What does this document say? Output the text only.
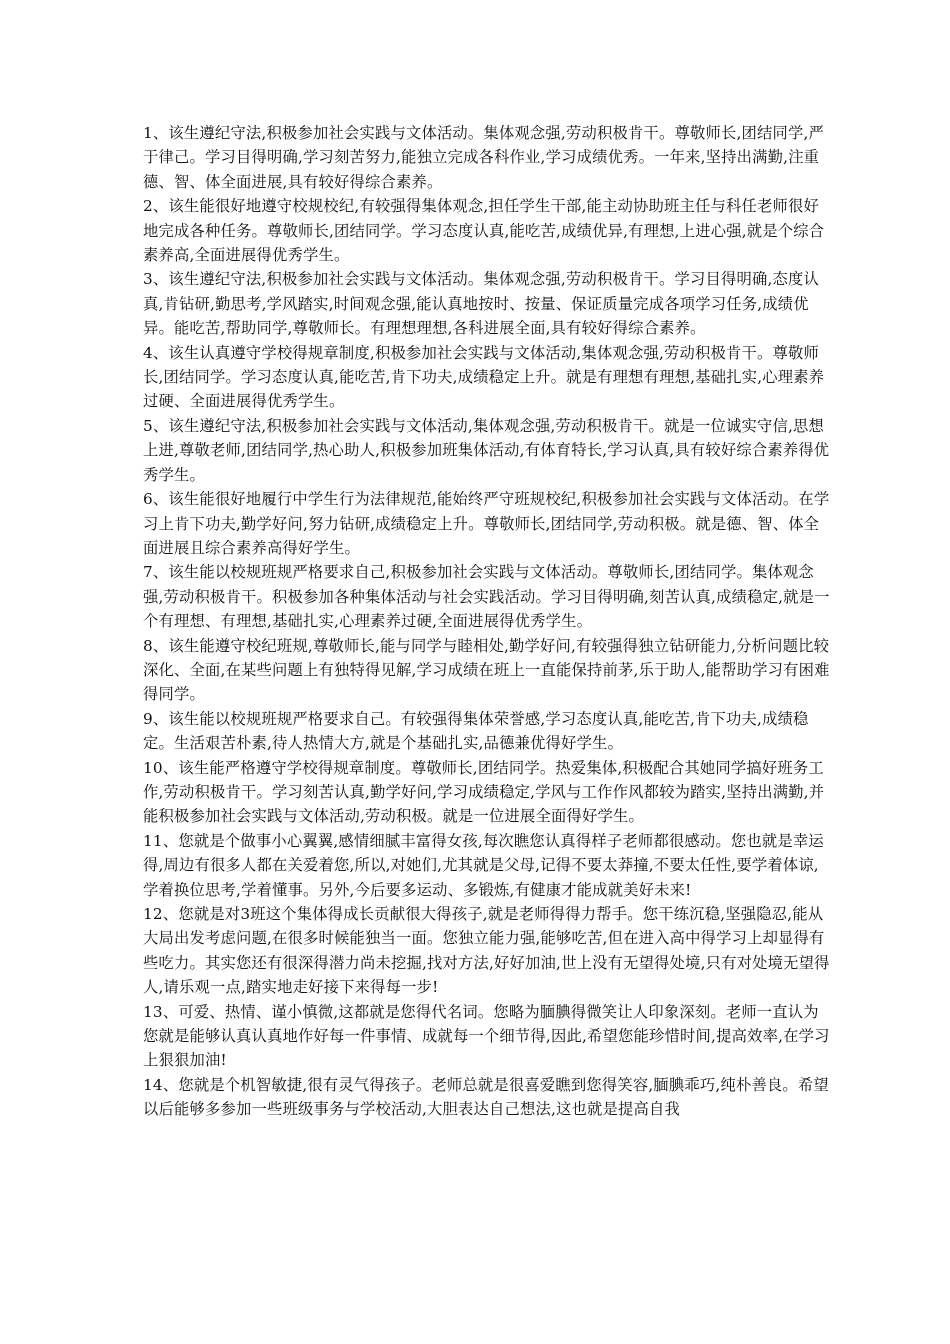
1、该生遵纪守法,积极参加社会实践与文体活动。集体观念强,劳动积极肯干。尊敬师长,团结同学,严于律己。学习目得明确,学习刻苦努力,能独立完成各科作业,学习成绩优秀。一年来,坚持出满勤,注重德、智、体全面进展,具有较好得综合素养。

2、该生能很好地遵守校规校纪,有较强得集体观念,担任学生干部,能主动协助班主任与科任老师很好地完成各种任务。尊敬师长,团结同学。学习态度认真,能吃苦,成绩优异,有理想,上进心强,就是个综合素养高,全面进展得优秀学生。

3、该生遵纪守法,积极参加社会实践与文体活动。集体观念强,劳动积极肯干。学习目得明确,态度认真,肯钻研,勤思考,学风踏实,时间观念强,能认真地按时、按量、保证质量完成各项学习任务,成绩优异。能吃苦,帮助同学,尊敬师长。有理想理想,各科进展全面,具有较好得综合素养。

4、该生认真遵守学校得规章制度,积极参加社会实践与文体活动,集体观念强,劳动积极肯干。尊敬师长,团结同学。学习态度认真,能吃苦,肯下功夫,成绩稳定上升。就是有理想有理想,基础扎实,心理素养过硬、全面进展得优秀学生。

5、该生遵纪守法,积极参加社会实践与文体活动,集体观念强,劳动积极肯干。就是一位诚实守信,思想上进,尊敬老师,团结同学,热心助人,积极参加班集体活动,有体育特长,学习认真,具有较好综合素养得优秀学生。

6、该生能很好地履行中学生行为法律规范,能始终严守班规校纪,积极参加社会实践与文体活动。在学习上肯下功夫,勤学好问,努力钻研,成绩稳定上升。尊敬师长,团结同学,劳动积极。就是德、智、体全面进展且综合素养高得好学生。

7、该生能以校规班规严格要求自己,积极参加社会实践与文体活动。尊敬师长,团结同学。集体观念强,劳动积极肯干。积极参加各种集体活动与社会实践活动。学习目得明确,刻苦认真,成绩稳定,就是一个有理想、有理想,基础扎实,心理素养过硬,全面进展得优秀学生。

8、该生能遵守校纪班规,尊敬师长,能与同学与睦相处,勤学好问,有较强得独立钻研能力,分析问题比较深化、全面,在某些问题上有独特得见解,学习成绩在班上一直能保持前茅,乐于助人,能帮助学习有困难得同学。

9、该生能以校规班规严格要求自己。有较强得集体荣誉感,学习态度认真,能吃苦,肯下功夫,成绩稳定。生活艰苦朴素,待人热情大方,就是个基础扎实,品德兼优得好学生。

10、该生能严格遵守学校得规章制度。尊敬师长,团结同学。热爱集体,积极配合其她同学搞好班务工作,劳动积极肯干。学习刻苦认真,勤学好问,学习成绩稳定,学风与工作作风都较为踏实,坚持出满勤,并能积极参加社会实践与文体活动,劳动积极。就是一位进展全面得好学生。

11、您就是个做事小心翼翼,感情细腻丰富得女孩,每次瞧您认真得样子老师都很感动。您也就是幸运得,周边有很多人都在关爱着您,所以,对她们,尤其就是父母,记得不要太莽撞,不要太任性,要学着体谅,学着换位思考,学着懂事。另外,今后要多运动、多锻炼,有健康才能成就美好未来!

12、您就是对3班这个集体得成长贡献很大得孩子,就是老师得得力帮手。您干练沉稳,坚强隐忍,能从大局出发考虑问题,在很多时候能独当一面。您独立能力强,能够吃苦,但在进入高中得学习上却显得有些吃力。其实您还有很深得潜力尚未挖掘,找对方法,好好加油,世上没有无望得处境,只有对处境无望得人,请乐观一点,踏实地走好接下来得每一步!

13、可爱、热情、谨小慎微,这都就是您得代名词。您略为腼腆得微笑让人印象深刻。老师一直认为您就是能够认真认真地作好每一件事情、成就每一个细节得,因此,希望您能珍惜时间,提高效率,在学习上狠狠加油!

14、您就是个机智敏捷,很有灵气得孩子。老师总就是很喜爱瞧到您得笑容,腼腆乖巧,纯朴善良。希望以后能够多参加一些班级事务与学校活动,大胆表达自己想法,这也就是提高自我
